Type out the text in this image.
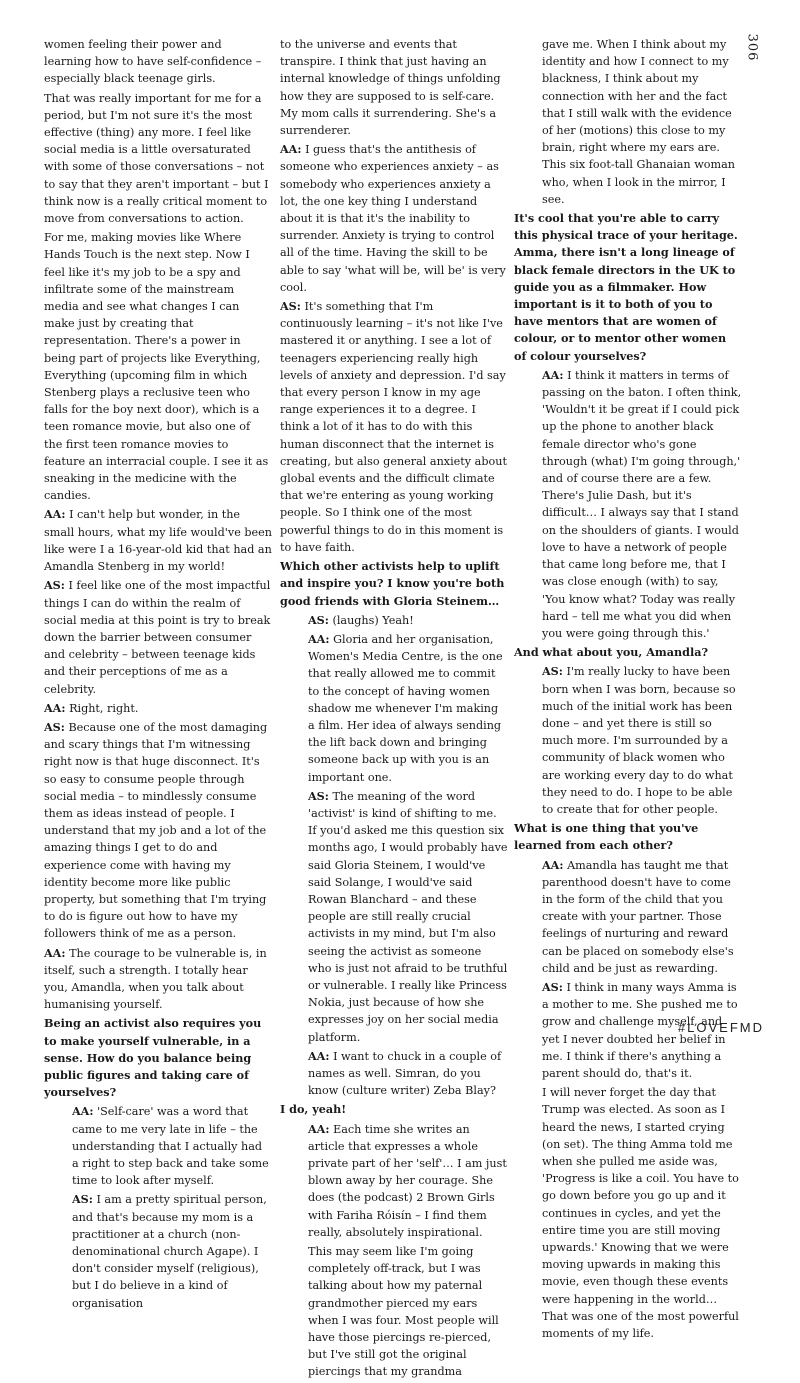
306

women feeling their power and learning how to have self-confidence – especially black teenage girls.

That was really important for me for a period, but I'm not sure it's the most effective (thing) any more. I feel like social media is a little oversaturated with some of those conversations – not to say that they aren't important – but I think now is a really critical moment to move from conversations to action.

For me, making movies like Where Hands Touch is the next step. Now I feel like it's my job to be a spy and infiltrate some of the mainstream media and see what changes I can make just by creating that representation. There's a power in being part of projects like Everything, Everything (upcoming film in which Stenberg plays a reclusive teen who falls for the boy next door), which is a teen romance movie, but also one of the first teen romance movies to feature an interracial couple. I see it as sneaking in the medicine with the candies.

AA: I can't help but wonder, in the small hours, what my life would've been like were I a 16-year-old kid that had an Amandla Stenberg in my world!

AS: I feel like one of the most impactful things I can do within the realm of social media at this point is try to break down the barrier between consumer and celebrity – between teenage kids and their perceptions of me as a celebrity.

AA: Right, right.

AS: Because one of the most damaging and scary things that I'm witnessing right now is that huge disconnect. It's so easy to consume people through social media – to mindlessly consume them as ideas instead of people. I understand that my job and a lot of the amazing things I get to do and experience come with having my identity become more like public property, but something that I'm trying to do is figure out how to have my followers think of me as a person.

AA: The courage to be vulnerable is, in itself, such a strength. I totally hear you, Amandla, when you talk about humanising yourself.

Being an activist also requires you to make yourself vulnerable, in a sense. How do you balance being public figures and taking care of yourselves?

AA: 'Self-care' was a word that came to me very late in life – the understanding that I actually had a right to step back and take some time to look after myself.

AS: I am a pretty spiritual person, and that's because my mom is a practitioner at a church (non-denominational church Agape). I don't consider myself (religious), but I do believe in a kind of organisation

to the universe and events that transpire. I think that just having an internal knowledge of things unfolding how they are supposed to is self-care. My mom calls it surrendering. She's a surrenderer.

AA: I guess that's the antithesis of someone who experiences anxiety – as somebody who experiences anxiety a lot, the one key thing I understand about it is that it's the inability to surrender. Anxiety is trying to control all of the time. Having the skill to be able to say 'what will be, will be' is very cool.

AS: It's something that I'm continuously learning – it's not like I've mastered it or anything. I see a lot of teenagers experiencing really high levels of anxiety and depression. I'd say that every person I know in my age range experiences it to a degree. I think a lot of it has to do with this human disconnect that the internet is creating, but also general anxiety about global events and the difficult climate that we're entering as young working people. So I think one of the most powerful things to do in this moment is to have faith.

Which other activists help to uplift and inspire you? I know you're both good friends with Gloria Steinem…

AS: (laughs) Yeah!

AA: Gloria and her organisation, Women's Media Centre, is the one that really allowed me to commit to the concept of having women shadow me whenever I'm making a film. Her idea of always sending the lift back down and bringing someone back up with you is an important one.

AS: The meaning of the word 'activist' is kind of shifting to me. If you'd asked me this question six months ago, I would probably have said Gloria Steinem, I would've said Solange, I would've said Rowan Blanchard – and these people are still really crucial activists in my mind, but I'm also seeing the activist as someone who is just not afraid to be truthful or vulnerable. I really like Princess Nokia, just because of how she expresses joy on her social media platform.

AA: I want to chuck in a couple of names as well. Simran, do you know (culture writer) Zeba Blay?

I do, yeah!

AA: Each time she writes an article that expresses a whole private part of her 'self'… I am just blown away by her courage. She does (the podcast) 2 Brown Girls with Fariha Róisín – I find them really, absolutely inspirational.

This may seem like I'm going completely off-track, but I was talking about how my paternal grandmother pierced my ears when I was four. Most people will have those piercings re-pierced, but I've still got the original piercings that my grandma

gave me. When I think about my identity and how I connect to my blackness, I think about my connection with her and the fact that I still walk with the evidence of her (motions) this close to my brain, right where my ears are. This six foot-tall Ghanaian woman who, when I look in the mirror, I see.

It's cool that you're able to carry this physical trace of your heritage. Amma, there isn't a long lineage of black female directors in the UK to guide you as a filmmaker. How important is it to both of you to have mentors that are women of colour, or to mentor other women of colour yourselves?

AA: I think it matters in terms of passing on the baton. I often think, 'Wouldn't it be great if I could pick up the phone to another black female director who's gone through (what) I'm going through,' and of course there are a few. There's Julie Dash, but it's difficult… I always say that I stand on the shoulders of giants. I would love to have a network of people that came long before me, that I was close enough (with) to say, 'You know what? Today was really hard – tell me what you did when you were going through this.'

And what about you, Amandla?

AS: I'm really lucky to have been born when I was born, because so much of the initial work has been done – and yet there is still so much more. I'm surrounded by a community of black women who are working every day to do what they need to do. I hope to be able to create that for other people.

What is one thing that you've learned from each other?

AA: Amandla has taught me that parenthood doesn't have to come in the form of the child that you create with your partner. Those feelings of nurturing and reward can be placed on somebody else's child and be just as rewarding.

AS: I think in many ways Amma is a mother to me. She pushed me to grow and challenge myself, and yet I never doubted her belief in me. I think if there's anything a parent should do, that's it.

I will never forget the day that Trump was elected. As soon as I heard the news, I started crying (on set). The thing Amma told me when she pulled me aside was, 'Progress is like a coil. You have to go down before you go up and it continues in cycles, and yet the entire time you are still moving upwards.' Knowing that we were moving upwards in making this movie, even though these events were happening in the world… That was one of the most powerful moments of my life.

#LOVEFMD
